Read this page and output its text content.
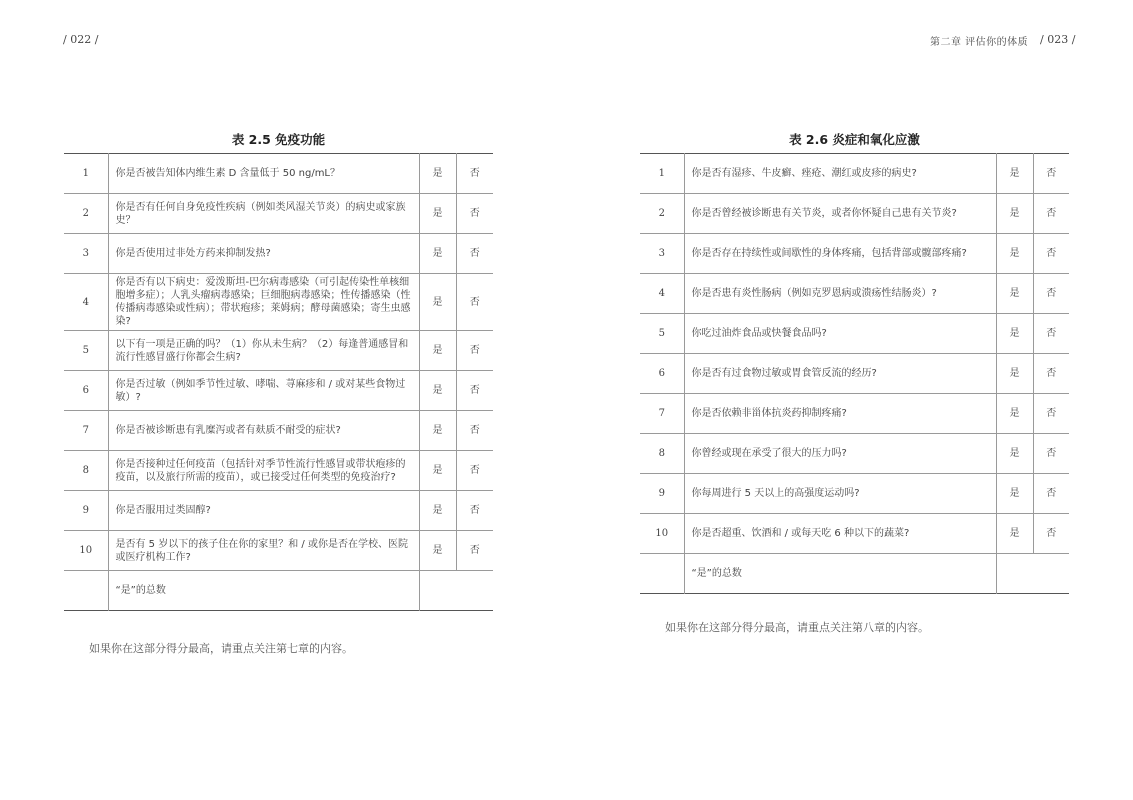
/ 022 /	第二章 评估你的体质 / 023 /
表 2.5 免疫功能
1	你是否被告知体内维生素 D 含量低于 50 ng/mL？	是	否
2	你是否有任何自身免疫性疾病（例如类风湿关节炎）的病史或家族史？	是	否
3	你是否使用过非处方药来抑制发热?	是	否
4	你是否有以下病史：爱泼斯坦-巴尔病毒感染（可引起传染性单核细胞增多症）；人乳头瘤病毒感染；巨细胞病毒感染；性传播感染（性传播病毒感染或性病）；带状疱疹；莱姆病；酵母菌感染；寄生虫感染?	是	否
5	以下有一项是正确的吗？（1）你从未生病？（2）每逢普通感冒和流行性感冒盛行你都会生病?	是	否
6	你是否过敏（例如季节性过敏、哮喘、荨麻疹和 / 或对某些食物过敏）?	是	否
7	你是否被诊断患有乳糜泻或者有麸质不耐受的症状?	是	否
8	你是否接种过任何疫苗（包括针对季节性流行性感冒或带状疱疹的疫苗，以及旅行所需的疫苗），或已接受过任何类型的免疫治疗?	是	否
9	你是否服用过类固醇?	是	否
10	是否有 5 岁以下的孩子住在你的家里？和 / 或你是否在学校、医院或医疗机构工作?	是	否
	“是”的总数		
如果你在这部分得分最高，请重点关注第七章的内容。
表 2.6 炎症和氧化应激
1	你是否有湿疹、牛皮癣、痤疮、潮红或皮疹的病史?	是	否
2	你是否曾经被诊断患有关节炎，或者你怀疑自己患有关节炎?	是	否
3	你是否存在持续性或间歇性的身体疼痛，包括背部或髋部疼痛?	是	否
4	你是否患有炎性肠病（例如克罗恩病或溃疡性结肠炎）?	是	否
5	你吃过油炸食品或快餐食品吗?	是	否
6	你是否有过食物过敏或胃食管反流的经历?	是	否
7	你是否依赖非甾体抗炎药抑制疼痛?	是	否
8	你曾经或现在承受了很大的压力吗?	是	否
9	你每周进行 5 天以上的高强度运动吗?	是	否
10	你是否超重、饮酒和 / 或每天吃 6 种以下的蔬菜?	是	否
	“是”的总数		
如果你在这部分得分最高，请重点关注第八章的内容。
